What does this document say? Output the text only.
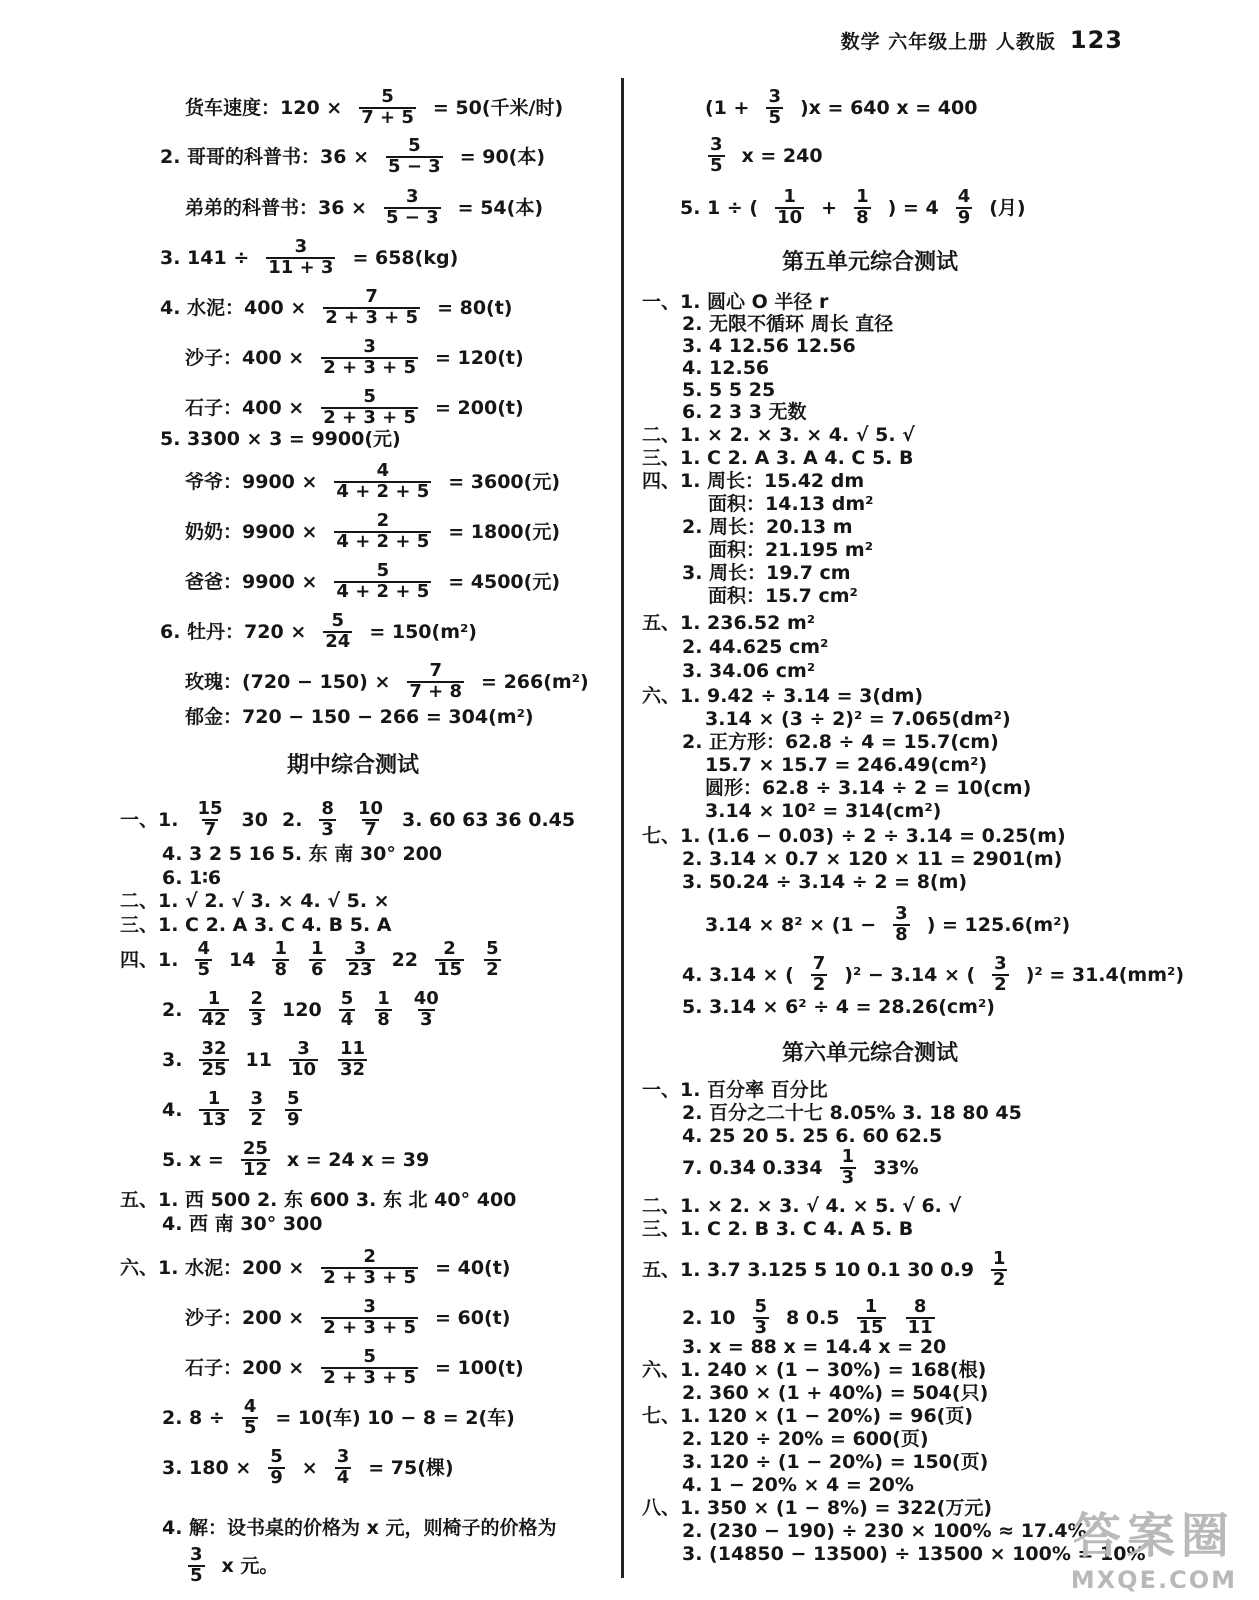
数学 六年级上册 人教版 123
货车速度：$120 \times \frac{5}{7 + 5} = 50$(千米/时)
2. 哥哥的科普书：$36 \times \frac{5}{5 - 3} = 90$(本)
弟弟的科普书：$36 \times \frac{3}{5 - 3} = 54$(本)
3. $141 \div \frac{3}{11 + 3} = 658(kg)$
4. 水泥：$400 \times \frac{7}{2 + 3 + 5} = 80(t)$
沙子：$400 \times \frac{3}{2 + 3 + 5} = 120(t)$
石子：$400 \times \frac{5}{2 + 3 + 5} = 200(t)$
5. 3300 × 3 = 9900(元)
爷爷：$9900 \times \frac{4}{4 + 2 + 5} = 3600$(元)
奶奶：$9900 \times \frac{2}{4 + 2 + 5} = 1800$(元)
爸爸：$9900 \times \frac{5}{4 + 2 + 5} = 4500$(元)
6. 牡丹：$720 \times \frac{5}{24} = 150(m^2)$
玫瑰：$(720 - 150) \times \frac{7}{7 + 8} = 266(m^2)$
郁金：720 − 150 − 266 = 304(m²)
一、1. $\frac{15}{7} 30$ 2. $\frac{8}{3} \frac{10}{7} 3$. 60 63 36 0.45
4. 3 2 5 16 5. 东 南 30° 200
6. 1∶6
二、1. √ 2. √ 3. × 4. √ 5. ×
三、1. C 2. A 3. C 4. B 5. A
四、1. $\frac{4}{5} 14 \frac{1}{8} \frac{1}{6} \frac{3}{23} 22 \frac{2}{15} \frac{5}{2}$
2. $\frac{1}{42} \frac{2}{3} 120 \frac{5}{4} \frac{1}{8} \frac{40}{3}$
3. $\frac{32}{25} 11 \frac{3}{10} \frac{11}{32}$
4. $\frac{1}{13} \frac{3}{2} \frac{5}{9}$
5. $x = \frac{25}{12}$ x = 24 x = 39
五、1. 西 500 2. 东 600 3. 东 北 40° 400
4. 西 南 30° 300
六、1. 水泥：$200 \times \frac{2}{2 + 3 + 5} = 40(t)$
沙子：$200 \times \frac{3}{2 + 3 + 5} = 60(t)$
石子：$200 \times \frac{5}{2 + 3 + 5} = 100(t)$
2. $8 \div \frac{4}{5} = 10$(车) 10 − 8 = 2(车)
3. $180 \times \frac{5}{9} \times \frac{3}{4} = 75$(棵)
4. 解：设书桌的价格为 x 元，则椅子的价格为
$\frac{3}{5}$ x 元。
$(1 + \frac{3}{5} )x = 640$ x = 400
$\frac{3}{5}$ x = 240
5. 1 ÷ ( $\frac{1}{10} + \frac{1}{8}$ ) = $4 \frac{4}{9}$ (月)
一、1. 圆心 O 半径 r
2. 无限不循环 周长 直径
3. 4 12.56 12.56
4. 12.56
5. 5 5 25
6. 2 3 3 无数
二、1. × 2. × 3. × 4. √ 5. √
三、1. C 2. A 3. A 4. C 5. B
四、1. 周长：15.42 dm
面积：14.13 dm²
2. 周长：20.13 m
面积：21.195 m²
3. 周长：19.7 cm
面积：15.7 cm²
五、1. 236.52 m²
2. 44.625 cm²
3. 34.06 cm²
六、1. 9.42 ÷ 3.14 = 3(dm)
3.14 × (3 ÷ 2)² = 7.065(dm²)
2. 正方形：62.8 ÷ 4 = 15.7(cm)
15.7 × 15.7 = 246.49(cm²)
圆形：62.8 ÷ 3.14 ÷ 2 = 10(cm)
3.14 × 10² = 314(cm²)
七、1. (1.6 − 0.03) ÷ 2 ÷ 3.14 = 0.25(m)
2. 3.14 × 0.7 × 120 × 11 = 2901(m)
3. 50.24 ÷ 3.14 ÷ 2 = 8(m)
$3.14 \times 8^2 \times (1 - \frac{3}{8}$ ) = 125.6(m²)
4. 3.14 × ( $\frac{7}{2} )^2 - 3.14$ × ( $\frac{3}{2} )^2 = 31.4(mm^2)$
5. 3.14 × 6² ÷ 4 = 28.26(cm²)
一、1. 百分率 百分比
2. 百分之二十七 8.05% 3. 18 80 45
4. 25 20 5. 25 6. 60 62.5
7. 0.3̇4̇ $0.334 \frac{1}{3} 33\%$
二、1. × 2. × 3. √ 4. × 5. √ 6. √
三、1. C 2. B 3. C 4. A 5. B
五、1. 3.7 3.125 5 10 0.1 30 $0.9 \frac{1}{2}$
2. $10 \frac{5}{3} 8$ $0.5 \frac{1}{15} \frac{8}{11}$
3. x = 88 x = 14.4 x = 20
六、1. 240 × (1 − 30%) = 168(根)
2. 360 × (1 + 40%) = 504(只)
七、1. 120 × (1 − 20%) = 96(页)
2. 120 ÷ 20% = 600(页)
3. 120 ÷ (1 − 20%) = 150(页)
4. 1 − 20% × 4 = 20%
八、1. 350 × (1 − 8%) = 322(万元)
2. (230 − 190) ÷ 230 × 100% ≈ 17.4%
3. (14850 − 13500) ÷ 13500 × 100% = 10%
第五单元综合测试
期中综合测试
第六单元综合测试
答案圈
MXQE.COM
